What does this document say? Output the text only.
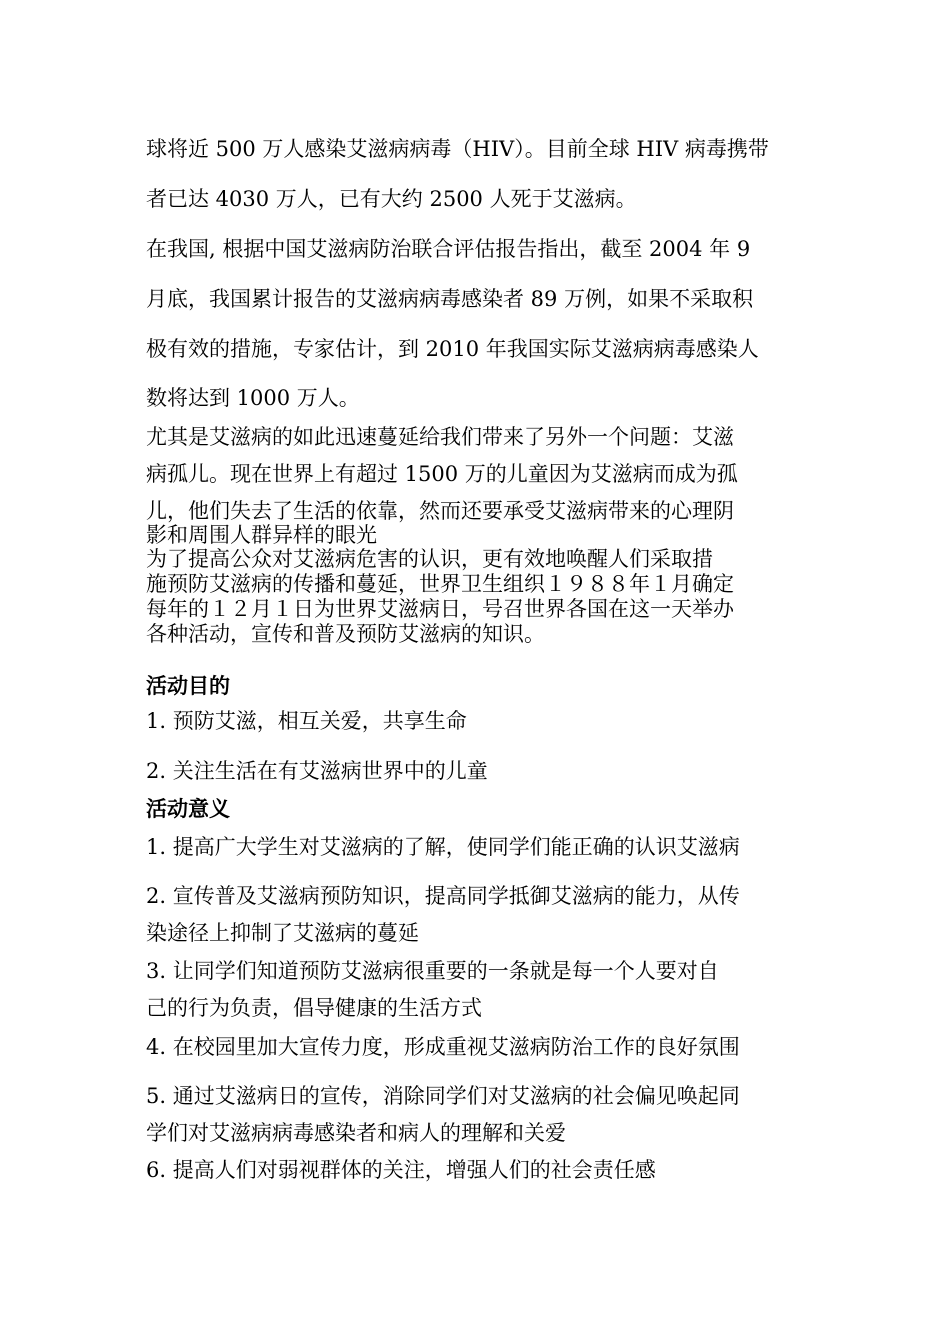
球将近 500 万人感染艾滋病病毒（HIV）。目前全球 HIV 病毒携带
者已达 4030 万人，已有大约 2500 人死于艾滋病。
在我国, 根据中国艾滋病防治联合评估报告指出，截至 2004 年 9
月底，我国累计报告的艾滋病病毒感染者 89 万例，如果不采取积
极有效的措施，专家估计，到 2010 年我国实际艾滋病病毒感染人
数将达到 1000 万人。
尤其是艾滋病的如此迅速蔓延给我们带来了另外一个问题：艾滋
病孤儿。现在世界上有超过 1500 万的儿童因为艾滋病而成为孤
儿，他们失去了生活的依靠，然而还要承受艾滋病带来的心理阴
影和周围人群异样的眼光
为了提高公众对艾滋病危害的认识，更有效地唤醒人们采取措
施预防艾滋病的传播和蔓延，世界卫生组织１９８８年１月确定
每年的１２月１日为世界艾滋病日，号召世界各国在这一天举办
各种活动，宣传和普及预防艾滋病的知识。
活动目的
1. 预防艾滋，相互关爱，共享生命
2. 关注生活在有艾滋病世界中的儿童
活动意义
1. 提高广大学生对艾滋病的了解，使同学们能正确的认识艾滋病
2. 宣传普及艾滋病预防知识，提高同学抵御艾滋病的能力，从传
染途径上抑制了艾滋病的蔓延
3. 让同学们知道预防艾滋病很重要的一条就是每一个人要对自
己的行为负责，倡导健康的生活方式
4. 在校园里加大宣传力度，形成重视艾滋病防治工作的良好氛围
5. 通过艾滋病日的宣传，消除同学们对艾滋病的社会偏见唤起同
学们对艾滋病病毒感染者和病人的理解和关爱
6. 提高人们对弱视群体的关注，增强人们的社会责任感
